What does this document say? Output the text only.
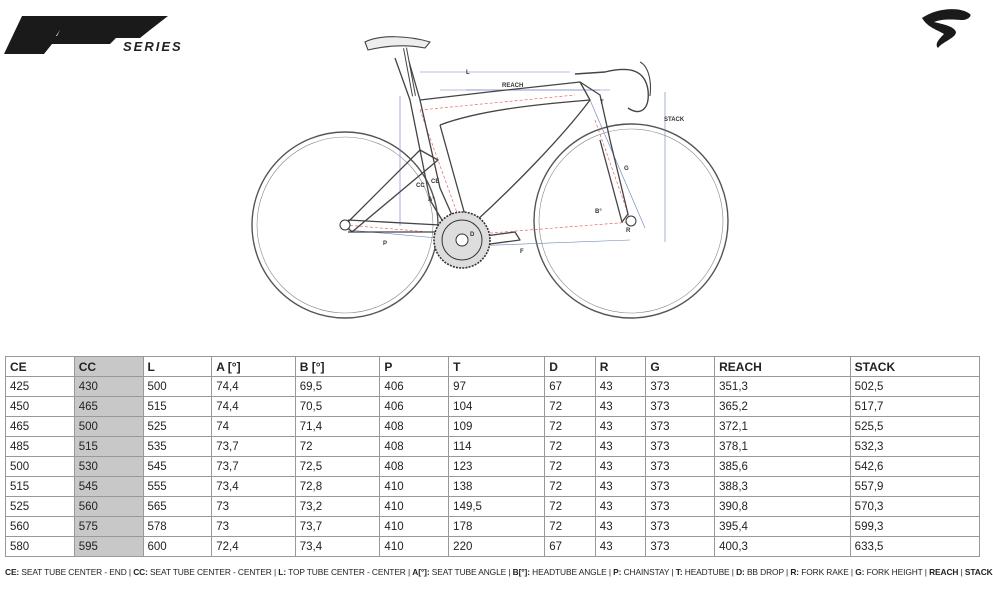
SERIES
L
REACH
STACK
T
G
CC
CE
A°
B°
D
P
F
R
CE	CC	L	A [°]	B [°]	P	T	D	R	G	REACH	STACK
425	430	500	74,4	69,5	406	97	67	43	373	351,3	502,5
450	465	515	74,4	70,5	406	104	72	43	373	365,2	517,7
465	500	525	74	71,4	408	109	72	43	373	372,1	525,5
485	515	535	73,7	72	408	114	72	43	373	378,1	532,3
500	530	545	73,7	72,5	408	123	72	43	373	385,6	542,6
515	545	555	73,4	72,8	410	138	72	43	373	388,3	557,9
525	560	565	73	73,2	410	149,5	72	43	373	390,8	570,3
560	575	578	73	73,7	410	178	72	43	373	395,4	599,3
580	595	600	72,4	73,4	410	220	67	43	373	400,3	633,5
CE: SEAT TUBE CENTER - END | CC: SEAT TUBE CENTER - CENTER | L: TOP TUBE CENTER - CENTER | A[°]: SEAT TUBE ANGLE | B[°]: HEADTUBE ANGLE | P: CHAINSTAY | T: HEADTUBE | D: BB DROP | R: FORK RAKE | G: FORK HEIGHT | REACH | STACK
